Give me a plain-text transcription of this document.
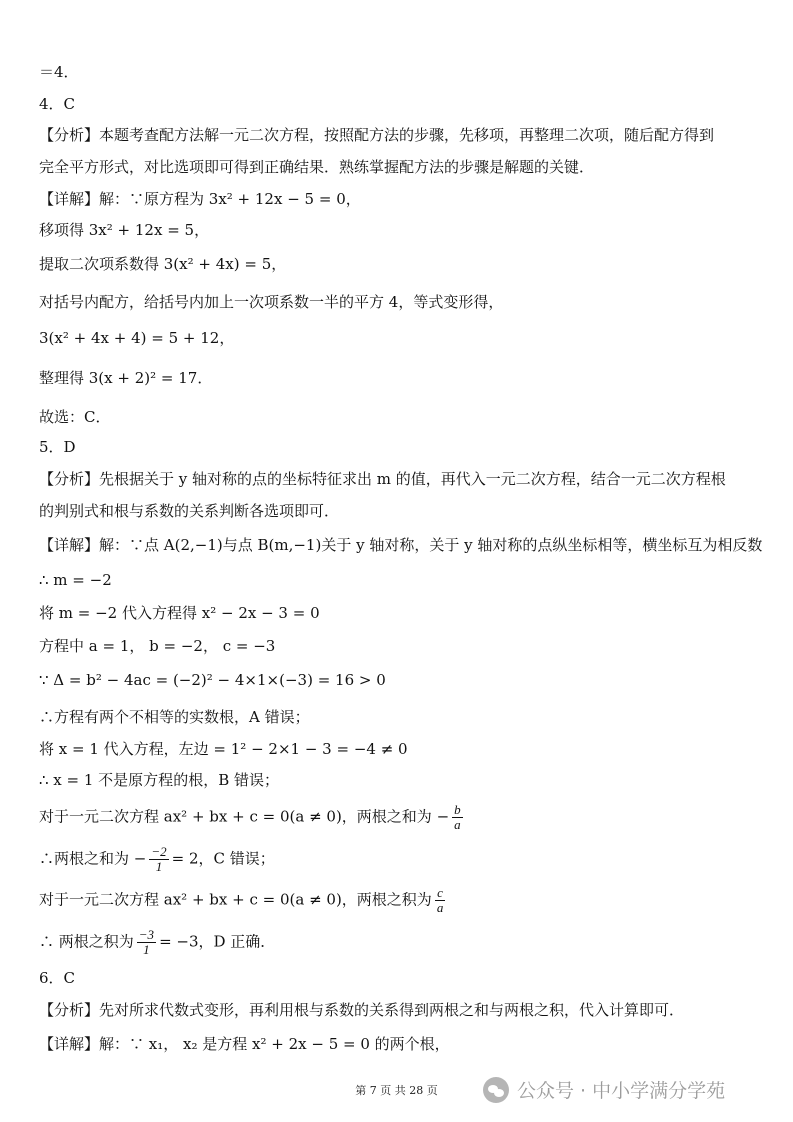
＝4．
4．C
【分析】本题考查配方法解一元二次方程，按照配方法的步骤，先移项，再整理二次项，随后配方得到
完全平方形式，对比选项即可得到正确结果．熟练掌握配方法的步骤是解题的关键．
【详解】解：∵原方程为 3x² + 12x − 5 = 0，
移项得 3x² + 12x = 5，
提取二次项系数得 3(x² + 4x) = 5，
对括号内配方，给括号内加上一次项系数一半的平方 4，等式变形得，
3(x² + 4x + 4) = 5 + 12，
整理得 3(x + 2)² = 17．
故选：C．
5．D
【分析】先根据关于 y 轴对称的点的坐标特征求出 m 的值，再代入一元二次方程，结合一元二次方程根
的判别式和根与系数的关系判断各选项即可．
【详解】解：∵点 A(2,−1)与点 B(m,−1)关于 y 轴对称，关于 y 轴对称的点纵坐标相等，横坐标互为相反数
∴ m = −2
将 m = −2 代入方程得 x² − 2x − 3 = 0
方程中 a = 1， b = −2， c = −3
∵ Δ = b² − 4ac = (−2)² − 4×1×(−3) = 16 > 0
∴方程有两个不相等的实数根，A 错误；
将 x = 1 代入方程，左边 = 1² − 2×1 − 3 = −4 ≠ 0
∴ x = 1 不是原方程的根，B 错误；
对于一元二次方程 ax² + bx + c = 0(a ≠ 0)，两根之和为 − $\frac{b}{a}$
∴两根之和为 − $\frac{-2}{1} = 2$，C 错误；
对于一元二次方程 ax² + bx + c = 0(a ≠ 0)，两根之积为 $\frac{c}{a}$
∴ 两根之积为 $\frac{-3}{1} = -3$，D 正确．
6．C
【分析】先对所求代数式变形，再利用根与系数的关系得到两根之和与两根之积，代入计算即可．
【详解】解：∵ x₁， x₂ 是方程 x² + 2x − 5 = 0 的两个根，
第 7 页 共 28 页	公众号 · 中小学满分学苑
